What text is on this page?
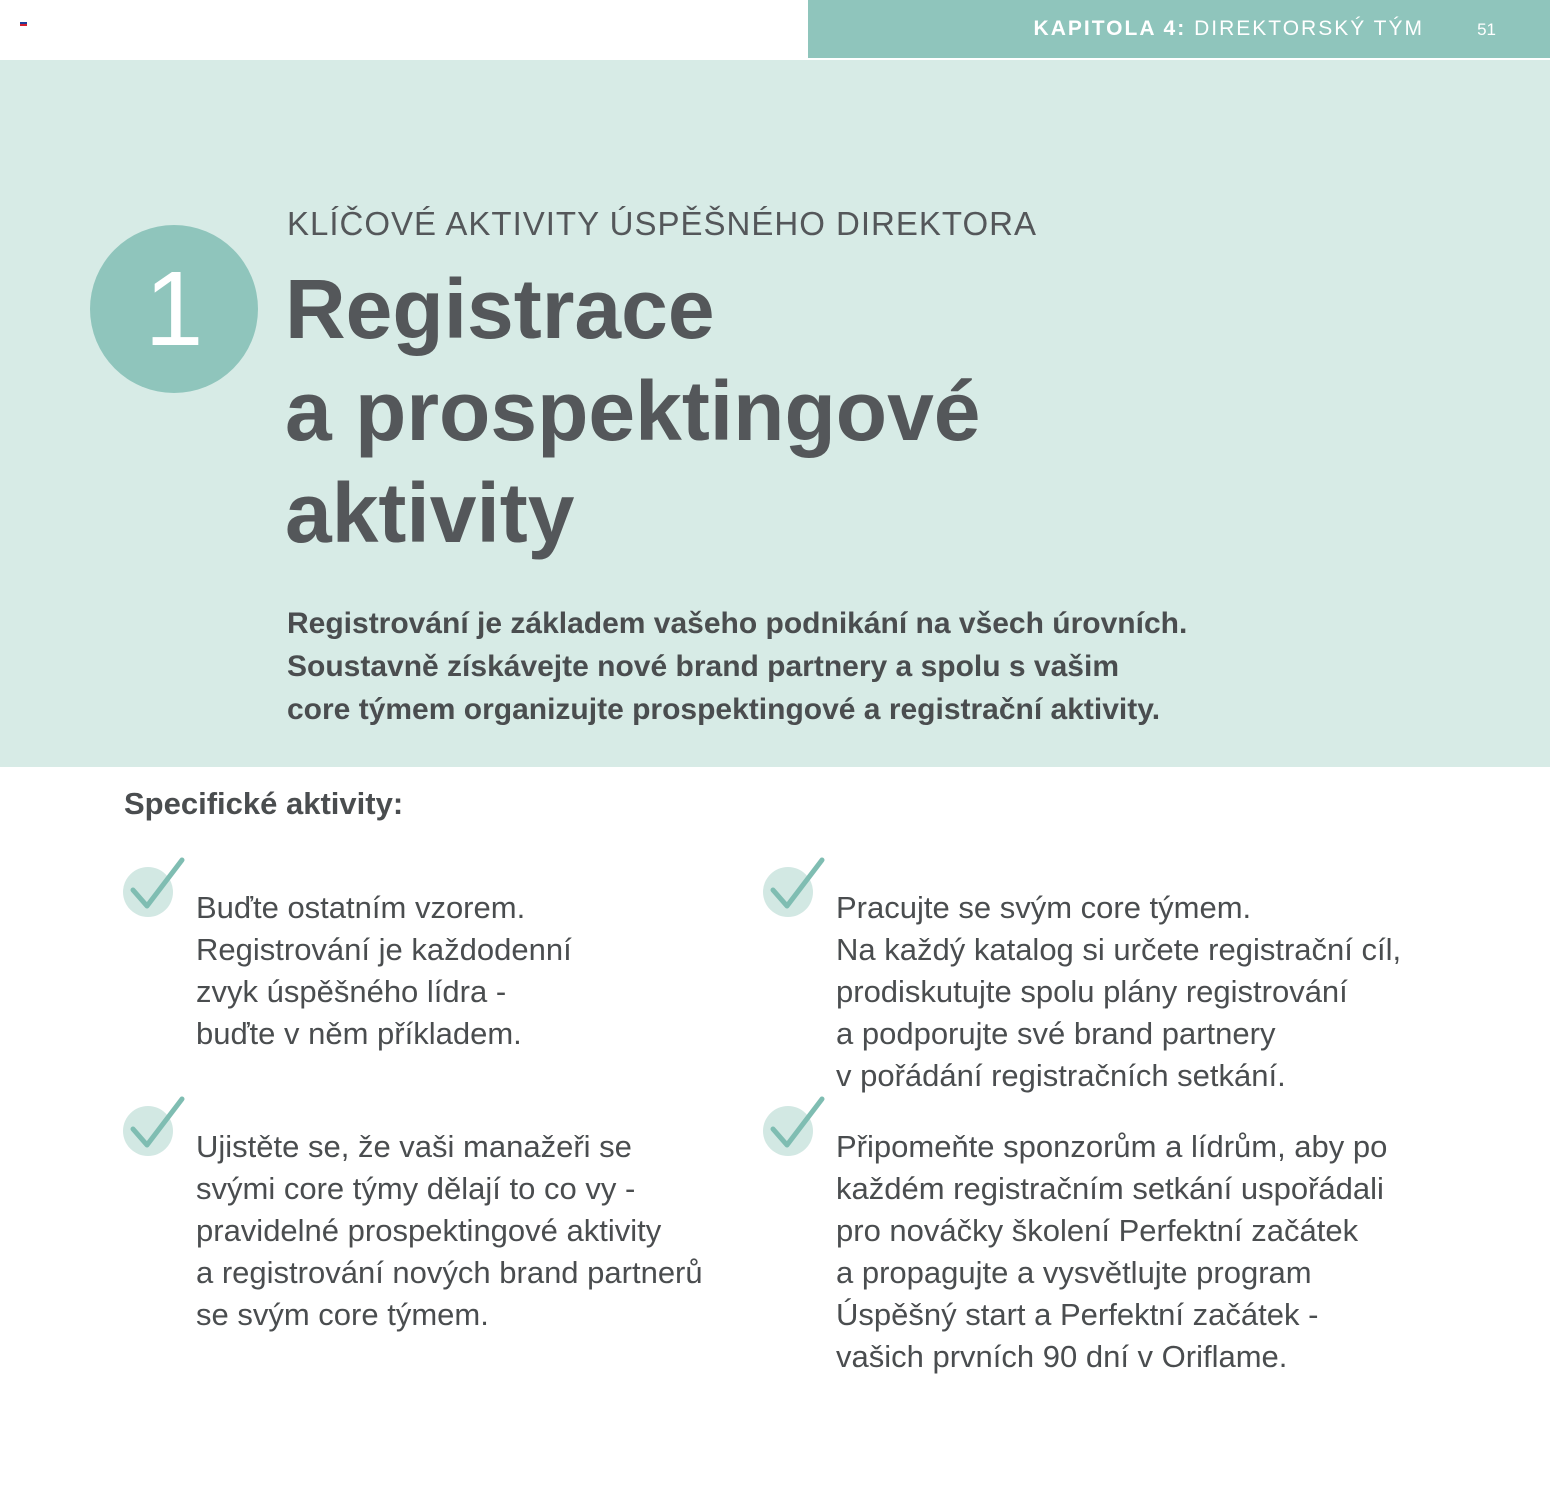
KAPITOLA 4: DIREKTORSKÝ TÝM	51
1
KLÍČOVÉ AKTIVITY ÚSPĚŠNÉHO DIREKTORA
Registrace
a prospektingové
aktivity
Registrování je základem vašeho podnikání na všech úrovních.
Soustavně získávejte nové brand partnery a spolu s vašim
core týmem organizujte prospektingové a registrační aktivity.
Specifické aktivity:
Buďte ostatním vzorem.
Registrování je každodenní
zvyk úspěšného lídra -
buďte v něm příkladem.
Pracujte se svým core týmem.
Na každý katalog si určete registrační cíl,
prodiskutujte spolu plány registrování
a podporujte své brand partnery
v pořádání registračních setkání.
Ujistěte se, že vaši manažeři se
svými core týmy dělají to co vy -
pravidelné prospektingové aktivity
a registrování nových brand partnerů
se svým core týmem.
Připomeňte sponzorům a lídrům, aby po
každém registračním setkání uspořádali
pro nováčky školení Perfektní začátek
a propagujte a vysvětlujte program
Úspěšný start a Perfektní začátek -
vašich prvních 90 dní v Oriflame.
